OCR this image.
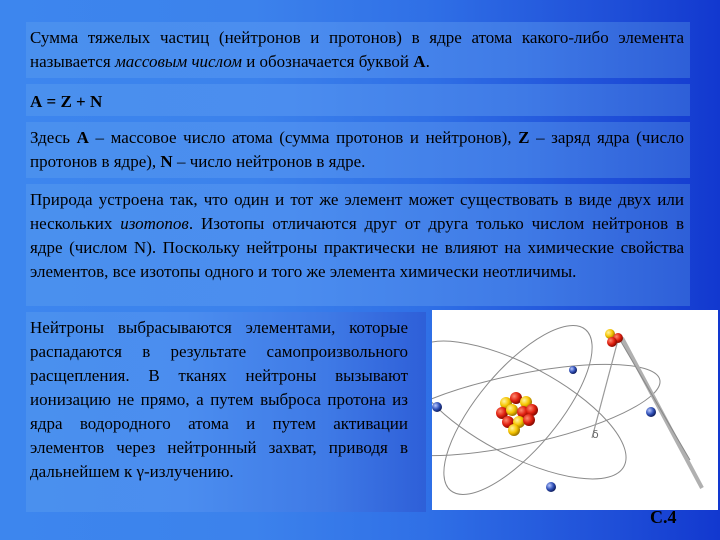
Сумма тяжелых частиц (нейтронов и протонов) в ядре атома какого-либо элемента называется массовым числом и обозначается буквой А.

А = Z + N

Здесь А – массовое число атома (сумма протонов и нейтронов), Z – заряд ядра (число протонов в ядре), N – число нейтронов в ядре.

Природа устроена так, что один и тот же элемент может существовать в виде двух или нескольких изотопов. Изотопы отличаются друг от друга только числом нейтронов в ядре (числом N). Поскольку нейтроны практически не влияют на химические свойства элементов, все изотопы одного и того же элемента химически неотличимы.

Нейтроны выбрасываются элементами, которые распадаются в результате самопроизвольного расщепления. В тканях нейтроны вызывают ионизацию не прямо, а путем выброса протона из ядра водородного атома и путем активации элементов через нейтронный захват, приводя в дальнейшем к γ-излучению.

δ
С.4
